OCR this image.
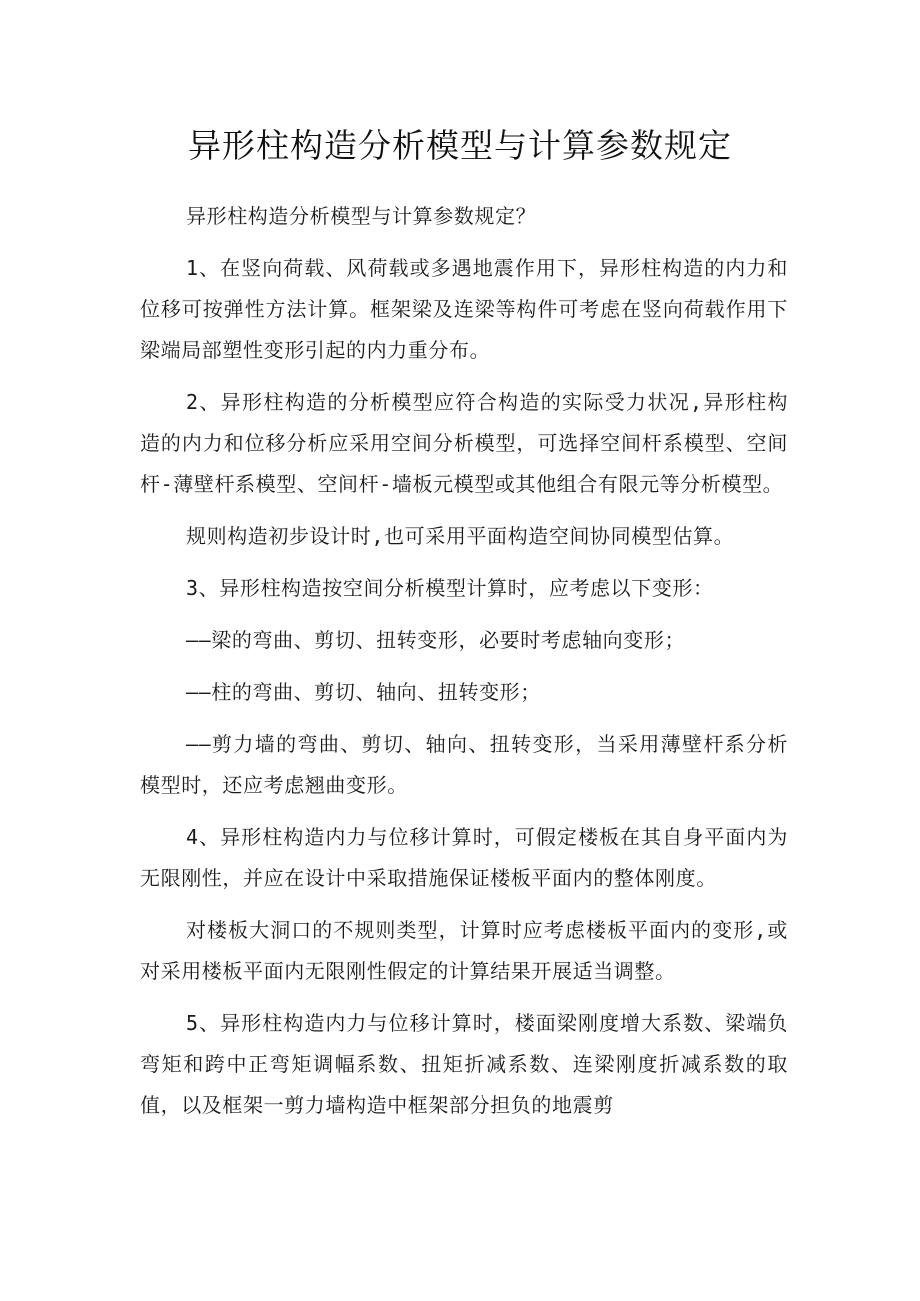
异形柱构造分析模型与计算参数规定

异形柱构造分析模型与计算参数规定？

1、在竖向荷载、风荷载或多遇地震作用下，异形柱构造的内力和位移可按弹性方法计算。框架梁及连梁等构件可考虑在竖向荷载作用下梁端局部塑性变形引起的内力重分布。

2、异形柱构造的分析模型应符合构造的实际受力状况,异形柱构造的内力和位移分析应采用空间分析模型，可选择空间杆系模型、空间杆-薄壁杆系模型、空间杆-墙板元模型或其他组合有限元等分析模型。

规则构造初步设计时,也可采用平面构造空间协同模型估算。

3、异形柱构造按空间分析模型计算时，应考虑以下变形：

——梁的弯曲、剪切、扭转变形，必要时考虑轴向变形；

——柱的弯曲、剪切、轴向、扭转变形；

——剪力墙的弯曲、剪切、轴向、扭转变形，当采用薄壁杆系分析模型时，还应考虑翘曲变形。

4、异形柱构造内力与位移计算时，可假定楼板在其自身平面内为无限刚性，并应在设计中采取措施保证楼板平面内的整体刚度。

对楼板大洞口的不规则类型，计算时应考虑楼板平面内的变形,或对采用楼板平面内无限刚性假定的计算结果开展适当调整。

5、异形柱构造内力与位移计算时，楼面梁刚度增大系数、梁端负弯矩和跨中正弯矩调幅系数、扭矩折减系数、连梁刚度折减系数的取值，以及框架一剪力墙构造中框架部分担负的地震剪
